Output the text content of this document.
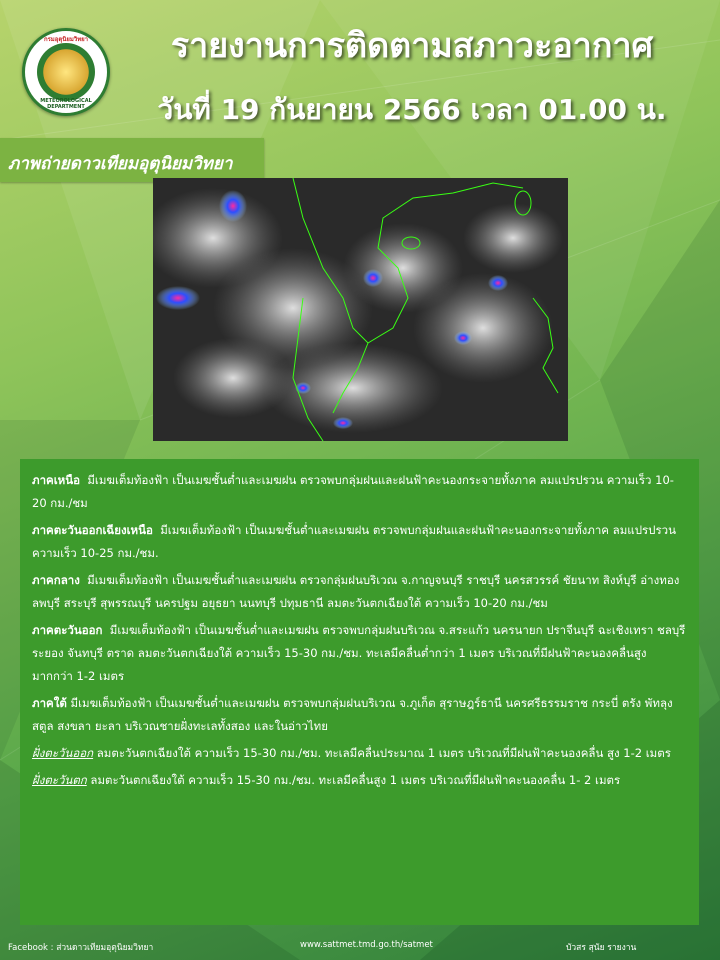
กรมอุตุนิยมวิทยา
METEOROLOGICAL DEPARTMENT
รายงานการติดตามสภาวะอากาศ
วันที่ 19 กันยายน 2566 เวลา 01.00 น.
ภาพถ่ายดาวเทียมอุตุนิยมวิทยา
ภาคเหนือ มีเมฆเต็มท้องฟ้า เป็นเมฆชั้นต่ำและเมฆฝน ตรวจพบกลุ่มฝนและฝนฟ้าคะนองกระจายทั้งภาค ลมแปรปรวน ความเร็ว 10-20 กม./ชม
ภาคตะวันออกเฉียงเหนือ มีเมฆเต็มท้องฟ้า เป็นเมฆชั้นต่ำและเมฆฝน ตรวจพบกลุ่มฝนและฝนฟ้าคะนองกระจายทั้งภาค ลมแปรปรวน ความเร็ว 10-25 กม./ชม.
ภาคกลาง มีเมฆเต็มท้องฟ้า เป็นเมฆชั้นต่ำและเมฆฝน ตรวจกลุ่มฝนบริเวณ จ.กาญจนบุรี ราชบุรี นครสวรรค์ ชัยนาท สิงห์บุรี อ่างทอง ลพบุรี สระบุรี สุพรรณบุรี นครปฐม อยุธยา นนทบุรี ปทุมธานี ลมตะวันตกเฉียงใต้ ความเร็ว 10-20 กม./ชม
ภาคตะวันออก มีเมฆเต็มท้องฟ้า เป็นเมฆชั้นต่ำและเมฆฝน ตรวจพบกลุ่มฝนบริเวณ จ.สระแก้ว นครนายก ปราจีนบุรี ฉะเชิงเทรา ชลบุรี ระยอง จันทบุรี ตราด ลมตะวันตกเฉียงใต้ ความเร็ว 15-30 กม./ชม. ทะเลมีคลื่นต่ำกว่า 1 เมตร บริเวณที่มีฝนฟ้าคะนองคลื่นสูงมากกว่า 1-2 เมตร
ภาคใต้ มีเมฆเต็มท้องฟ้า เป็นเมฆชั้นต่ำและเมฆฝน ตรวจพบกลุ่มฝนบริเวณ จ.ภูเก็ต สุราษฎร์ธานี นครศรีธรรมราช กระบี่ ตรัง พัทลุง สตูล สงขลา ยะลา บริเวณชายฝั่งทะเลทั้งสอง และในอ่าวไทย
ฝั่งตะวันออก ลมตะวันตกเฉียงใต้ ความเร็ว 15-30 กม./ชม. ทะเลมีคลื่นประมาณ 1 เมตร บริเวณที่มีฝนฟ้าคะนองคลื่น สูง 1-2 เมตร
ฝั่งตะวันตก ลมตะวันตกเฉียงใต้ ความเร็ว 15-30 กม./ชม. ทะเลมีคลื่นสูง 1 เมตร บริเวณที่มีฝนฟ้าคะนองคลื่น 1- 2 เมตร
Facebook : ส่วนดาวเทียมอุตุนิยมวิทยา	www.sattmet.tmd.go.th/satmet	บัวสร สุนัย รายงาน
